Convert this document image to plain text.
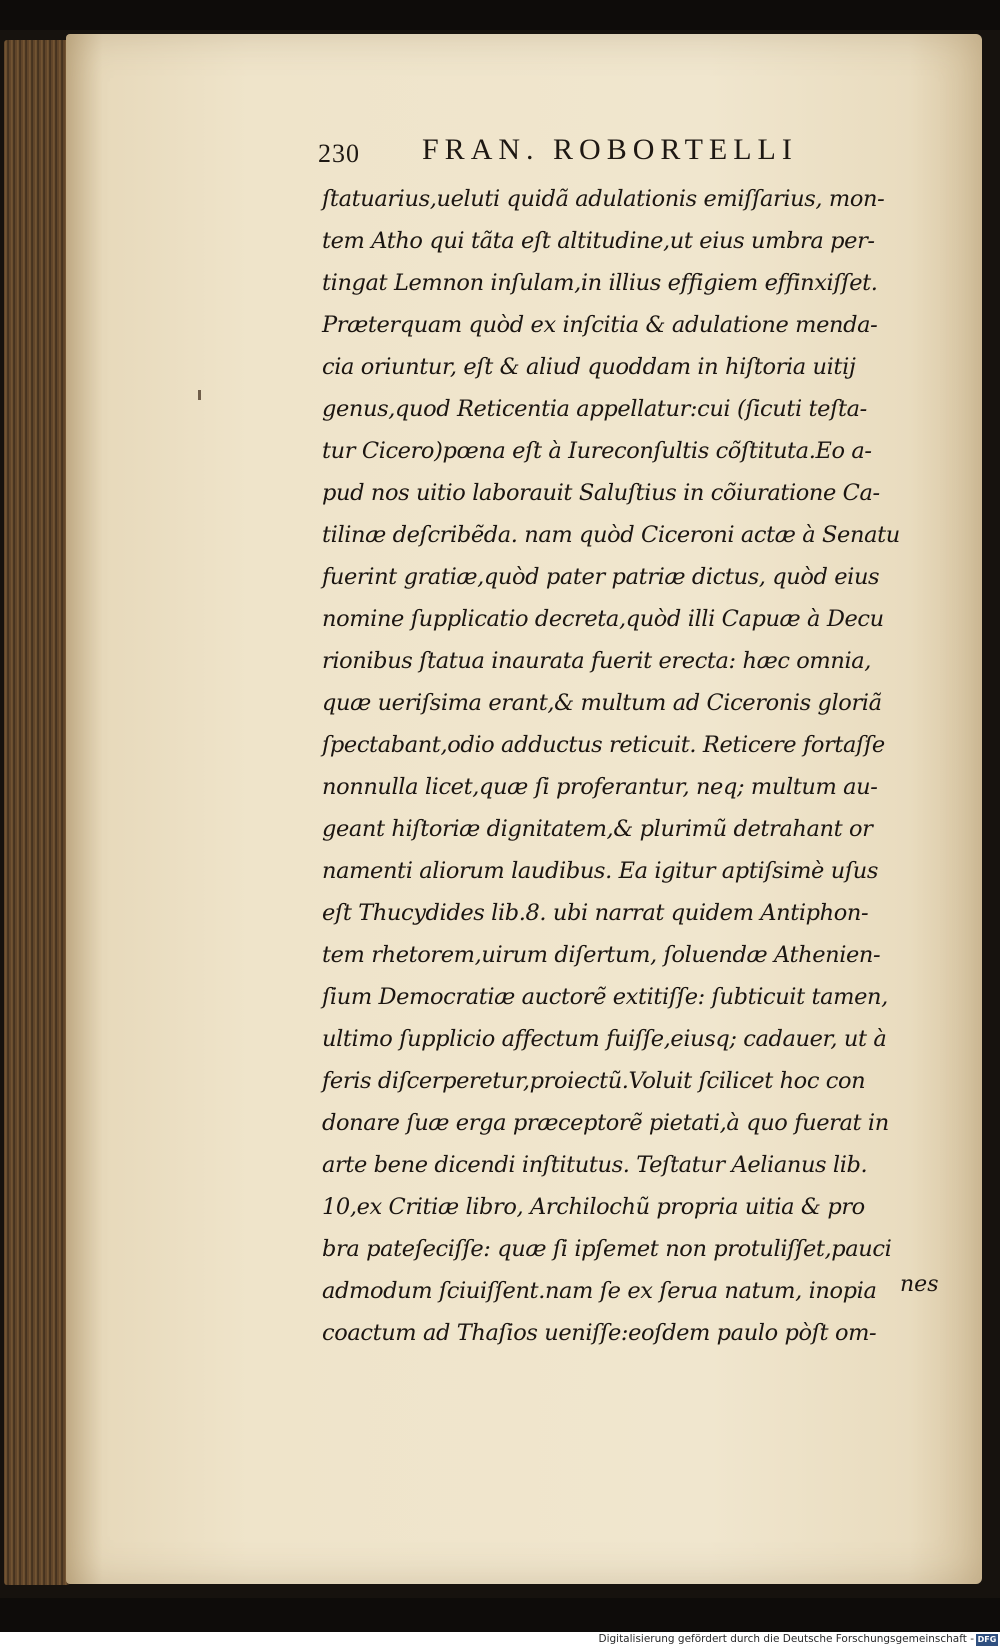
230 FRAN. ROBORTELLI
ſtatuarius,ueluti quidã adulationis emiſſarius, mon-
tem Atho qui tãta eſt altitudine,ut eius umbra per-
tingat Lemnon inſulam,in illius effigiem effinxiſſet.
Præterquam quòd ex inſcitia & adulatione menda-
cia oriuntur, eſt & aliud quoddam in hiſtoria uitij
genus,quod Reticentia appellatur:cui (ſicuti teſta-
tur Cicero)pœna eſt à Iureconſultis cõſtituta.Eo a-
pud nos uitio laborauit Saluſtius in cõiuratione Ca-
tilinæ deſcribẽda. nam quòd Ciceroni actæ à Senatu
fuerint gratiæ,quòd pater patriæ dictus, quòd eius
nomine ſupplicatio decreta,quòd illi Capuæ à Decu
rionibus ſtatua inaurata fuerit erecta: hæc omnia,
quæ ueriſsima erant,& multum ad Ciceronis gloriã
ſpectabant,odio adductus reticuit. Reticere fortaſſe
nonnulla licet,quæ ſi proferantur, neq; multum au-
geant hiſtoriæ dignitatem,& plurimũ detrahant or
namenti aliorum laudibus. Ea igitur aptiſsimè uſus
eſt Thucydides lib.8. ubi narrat quidem Antiphon-
tem rhetorem,uirum diſertum, ſoluendæ Athenien-
ſium Democratiæ auctorẽ extitiſſe: ſubticuit tamen,
ultimo ſupplicio affectum fuiſſe,eiusq; cadauer, ut à
feris diſcerperetur,proiectũ.Voluit ſcilicet hoc con
donare ſuæ erga præceptorẽ pietati,à quo fuerat in
arte bene dicendi inſtitutus. Teſtatur Aelianus lib.
10,ex Critiæ libro, Archilochũ propria uitia & pro
bra pateſeciſſe: quæ ſi ipſemet non protuliſſet,pauci
admodum ſciuiſſent.nam ſe ex ſerua natum, inopia
coactum ad Thaſios ueniſſe:eoſdem paulo pòſt om-
nes
Digitalisierung gefördert durch die Deutsche Forschungsgemeinschaft - DFG
